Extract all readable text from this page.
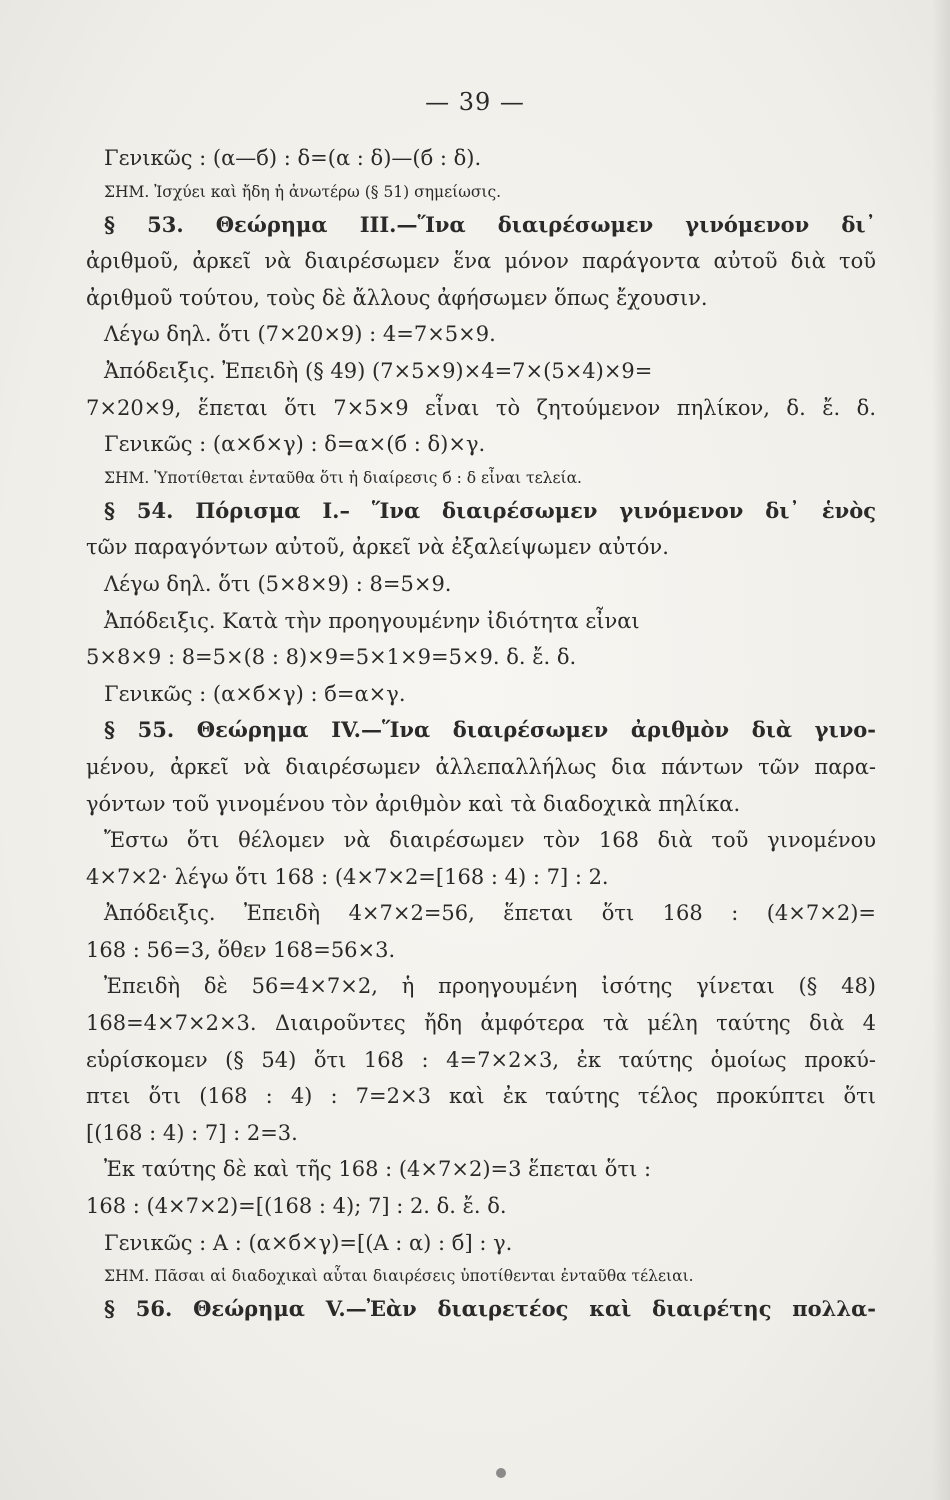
— 39 —
Γενικῶς : (α—б) : δ=(α : δ)—(б : δ).
ΣΗΜ. Ἰσχύει καὶ ἤδη ἡ ἀνωτέρω (§ 51) σημείωσις.
§ 53. Θεώρημα III.—Ἵνα διαιρέσωμεν γινόμενον δι᾽
ἀριθμοῦ, ἀρκεῖ νὰ διαιρέσωμεν ἕνα μόνον παράγοντα αὐτοῦ διὰ τοῦ
ἀριθμοῦ τούτου, τοὺς δὲ ἄλλους ἀφήσωμεν ὅπως ἔχουσιν.
Λέγω δηλ. ὅτι (7×20×9) : 4=7×5×9.
Ἀπόδειξις. Ἐπειδὴ (§ 49) (7×5×9)×4=7×(5×4)×9=
7×20×9, ἕπεται ὅτι 7×5×9 εἶναι τὸ ζητούμενον πηλίκον, δ. ἔ. δ.
Γενικῶς : (α×б×γ) : δ=α×(б : δ)×γ.
ΣΗΜ. Ὑποτίθεται ἐνταῦθα ὅτι ἡ διαίρεσις б : δ εἶναι τελεία.
§ 54. Πόρισμα I.– Ἵνα διαιρέσωμεν γινόμενον δι᾽ ἑνὸς
τῶν παραγόντων αὐτοῦ, ἀρκεῖ νὰ ἐξαλείψωμεν αὐτόν.
Λέγω δηλ. ὅτι (5×8×9) : 8=5×9.
Ἀπόδειξις. Κατὰ τὴν προηγουμένην ἰδιότητα εἶναι
5×8×9 : 8=5×(8 : 8)×9=5×1×9=5×9. δ. ἔ. δ.
Γενικῶς : (α×б×γ) : б=α×γ.
§ 55. Θεώρημα IV.—Ἵνα διαιρέσωμεν ἀριθμὸν διὰ γινο-
μένου, ἀρκεῖ νὰ διαιρέσωμεν ἀλλεπαλλήλως δια πάντων τῶν παρα-
γόντων τοῦ γινομένου τὸν ἀριθμὸν καὶ τὰ διαδοχικὰ πηλίκα.
Ἔστω ὅτι θέλομεν νὰ διαιρέσωμεν τὸν 168 διὰ τοῦ γινομένου
4×7×2· λέγω ὅτι 168 : (4×7×2=[168 : 4) : 7] : 2.
Ἀπόδειξις. Ἐπειδὴ 4×7×2=56, ἕπεται ὅτι 168 : (4×7×2)=
168 : 56=3, ὅθεν 168=56×3.
Ἐπειδὴ δὲ 56=4×7×2, ἡ προηγουμένη ἰσότης γίνεται (§ 48)
168=4×7×2×3. Διαιροῦντες ἤδη ἀμφότερα τὰ μέλη ταύτης διὰ 4
εὑρίσκομεν (§ 54) ὅτι 168 : 4=7×2×3, ἐκ ταύτης ὁμοίως προκύ-
πτει ὅτι (168 : 4) : 7=2×3 καὶ ἐκ ταύτης τέλος προκύπτει ὅτι
[(168 : 4) : 7] : 2=3.
Ἐκ ταύτης δὲ καὶ τῆς 168 : (4×7×2)=3 ἕπεται ὅτι :
168 : (4×7×2)=[(168 : 4); 7] : 2. δ. ἔ. δ.
Γενικῶς : Α : (α×б×γ)=[(Α : α) : б] : γ.
ΣΗΜ. Πᾶσαι αἱ διαδοχικαὶ αὗται διαιρέσεις ὑποτίθενται ἐνταῦθα τέλειαι.
§ 56. Θεώρημα V.—Ἐὰν διαιρετέος καὶ διαιρέτης πολλα-
